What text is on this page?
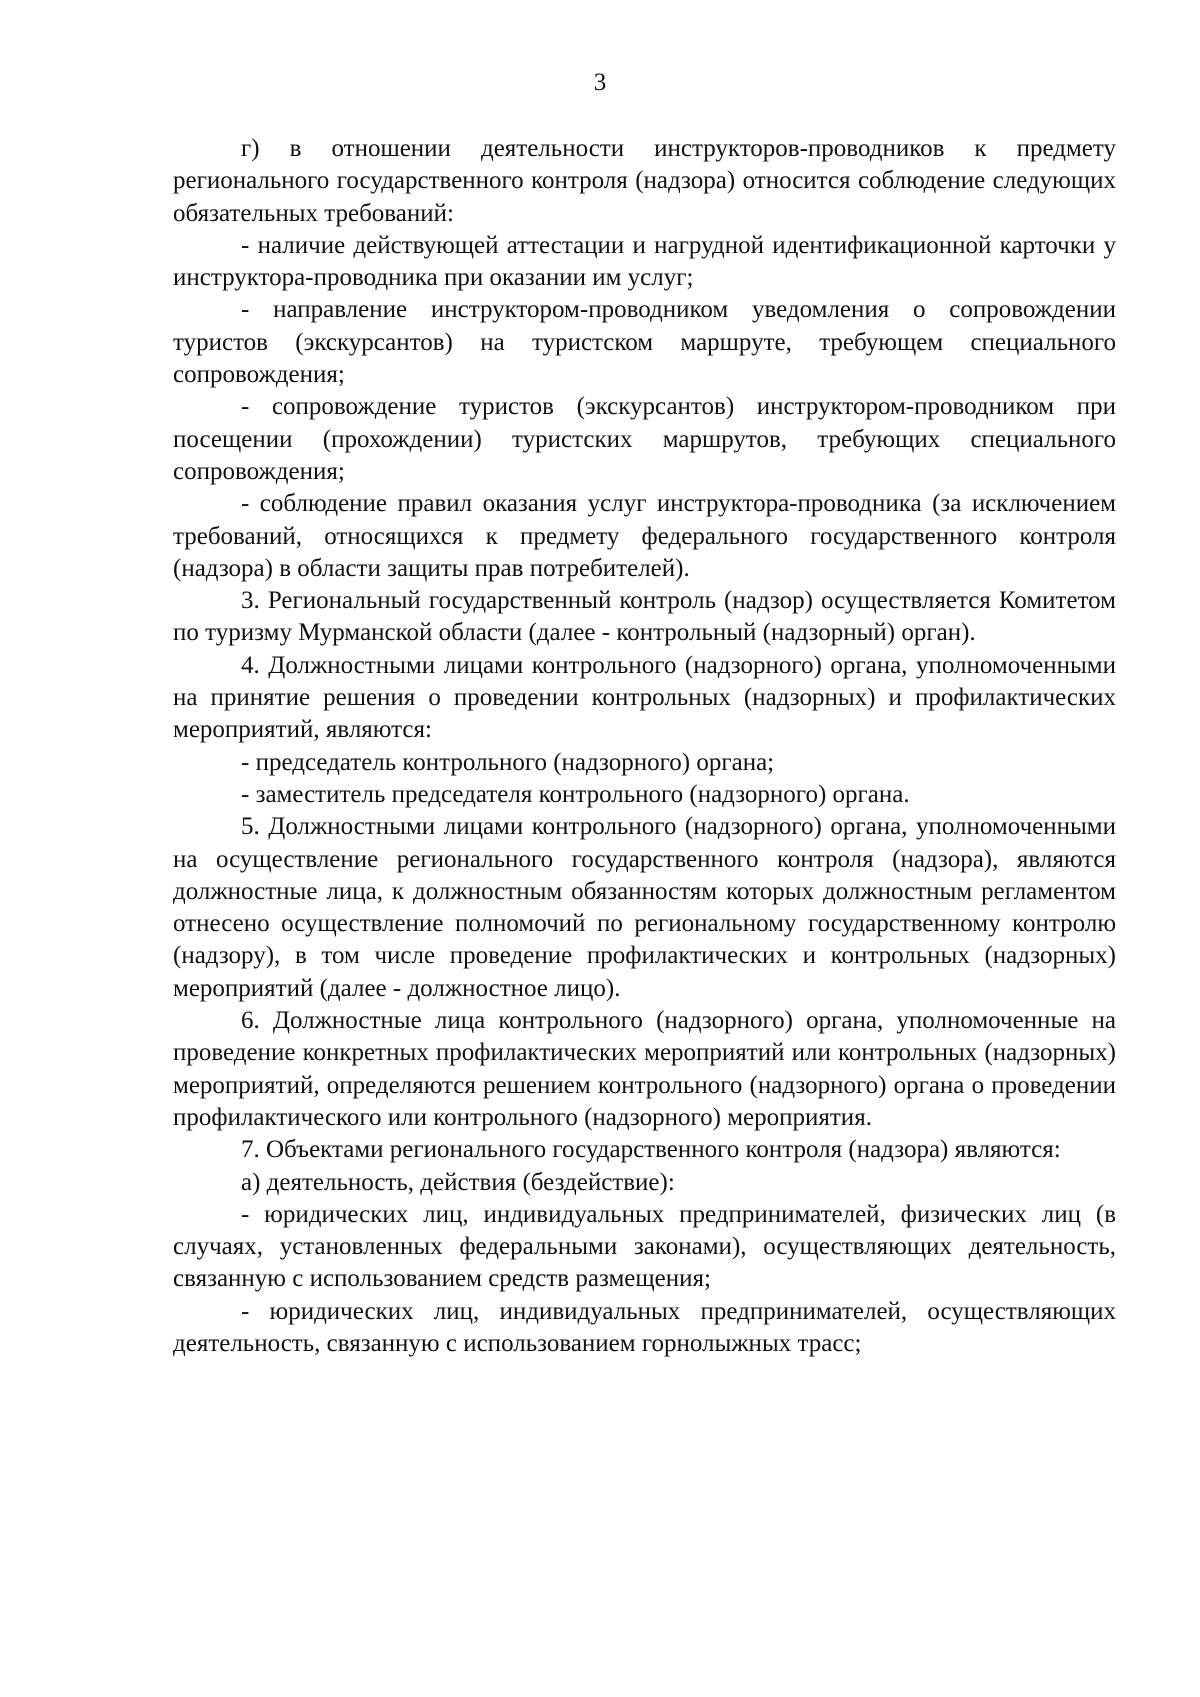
3

г) в отношении деятельности инструкторов-проводников к предмету регионального государственного контроля (надзора) относится соблюдение следующих обязательных требований:

- наличие действующей аттестации и нагрудной идентификационной карточки у инструктора-проводника при оказании им услуг;

- направление инструктором-проводником уведомления о сопровождении туристов (экскурсантов) на туристском маршруте, требующем специального сопровождения;

- сопровождение туристов (экскурсантов) инструктором-проводником при посещении (прохождении) туристских маршрутов, требующих специального сопровождения;

- соблюдение правил оказания услуг инструктора-проводника (за исключением требований, относящихся к предмету федерального государственного контроля (надзора) в области защиты прав потребителей).

3. Региональный государственный контроль (надзор) осуществляется Комитетом по туризму Мурманской области (далее - контрольный (надзорный) орган).

4. Должностными лицами контрольного (надзорного) органа, уполномоченными на принятие решения о проведении контрольных (надзорных) и профилактических мероприятий, являются:

- председатель контрольного (надзорного) органа;

- заместитель председателя контрольного (надзорного) органа.

5. Должностными лицами контрольного (надзорного) органа, уполномоченными на осуществление регионального государственного контроля (надзора), являются должностные лица, к должностным обязанностям которых должностным регламентом отнесено осуществление полномочий по региональному государственному контролю (надзору), в том числе проведение профилактических и контрольных (надзорных) мероприятий (далее - должностное лицо).

6. Должностные лица контрольного (надзорного) органа, уполномоченные на проведение конкретных профилактических мероприятий или контрольных (надзорных) мероприятий, определяются решением контрольного (надзорного) органа о проведении профилактического или контрольного (надзорного) мероприятия.

7. Объектами регионального государственного контроля (надзора) являются:

а) деятельность, действия (бездействие):

- юридических лиц, индивидуальных предпринимателей, физических лиц (в случаях, установленных федеральными законами), осуществляющих деятельность, связанную с использованием средств размещения;

- юридических лиц, индивидуальных предпринимателей, осуществляющих деятельность, связанную с использованием горнолыжных трасс;
